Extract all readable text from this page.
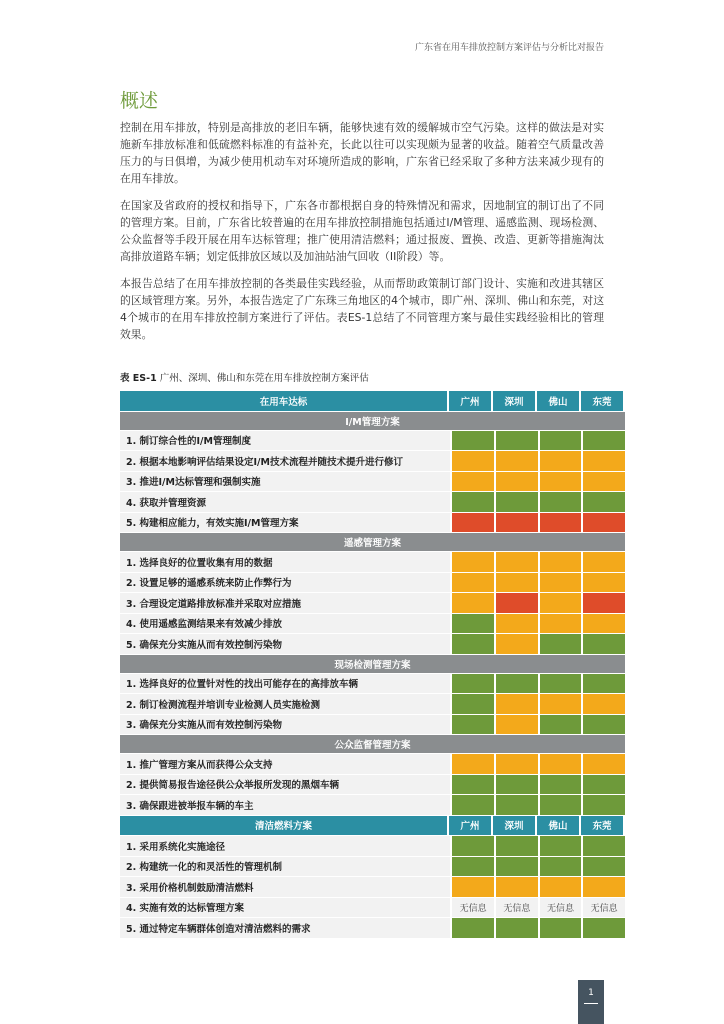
广东省在用车排放控制方案评估与分析比对报告
概述

控制在用车排放，特别是高排放的老旧车辆，能够快速有效的缓解城市空气污染。这样的做法是对实施新车排放标准和低硫燃料标准的有益补充，长此以往可以实现颇为显著的收益。随着空气质量改善压力的与日俱增，为减少使用机动车对环境所造成的影响，广东省已经采取了多种方法来减少现有的在用车排放。

在国家及省政府的授权和指导下，广东各市都根据自身的特殊情况和需求，因地制宜的制订出了不同的管理方案。目前，广东省比较普遍的在用车排放控制措施包括通过I/M管理、遥感监测、现场检测、公众监督等手段开展在用车达标管理；推广使用清洁燃料；通过报废、置换、改造、更新等措施淘汰高排放道路车辆；划定低排放区域以及加油站油气回收（II阶段）等。

本报告总结了在用车排放控制的各类最佳实践经验，从而帮助政策制订部门设计、实施和改进其辖区的区域管理方案。另外，本报告选定了广东珠三角地区的4个城市，即广州、深圳、佛山和东莞，对这4个城市的在用车排放控制方案进行了评估。表ES-1总结了不同管理方案与最佳实践经验相比的管理效果。

表 ES-1 广州、深圳、佛山和东莞在用车排放控制方案评估
在用车达标	广州	深圳	佛山	东莞
I/M管理方案
1. 制订综合性的I/M管理制度
2. 根据本地影响评估结果设定I/M技术流程并随技术提升进行修订
3. 推进I/M达标管理和强制实施
4. 获取并管理资源
5. 构建相应能力，有效实施I/M管理方案
遥感管理方案
1. 选择良好的位置收集有用的数据
2. 设置足够的遥感系统来防止作弊行为
3. 合理设定道路排放标准并采取对应措施
4. 使用遥感监测结果来有效减少排放
5. 确保充分实施从而有效控制污染物
现场检测管理方案
1. 选择良好的位置针对性的找出可能存在的高排放车辆
2. 制订检测流程并培训专业检测人员实施检测
3. 确保充分实施从而有效控制污染物
公众监督管理方案
1. 推广管理方案从而获得公众支持
2. 提供简易报告途径供公众举报所发现的黑烟车辆
3. 确保跟进被举报车辆的车主
清洁燃料方案	广州	深圳	佛山	东莞
1. 采用系统化实施途径
2. 构建统一化的和灵活性的管理机制
3. 采用价格机制鼓励清洁燃料
4. 实施有效的达标管理方案	无信息	无信息	无信息	无信息
5. 通过特定车辆群体创造对清洁燃料的需求
1
